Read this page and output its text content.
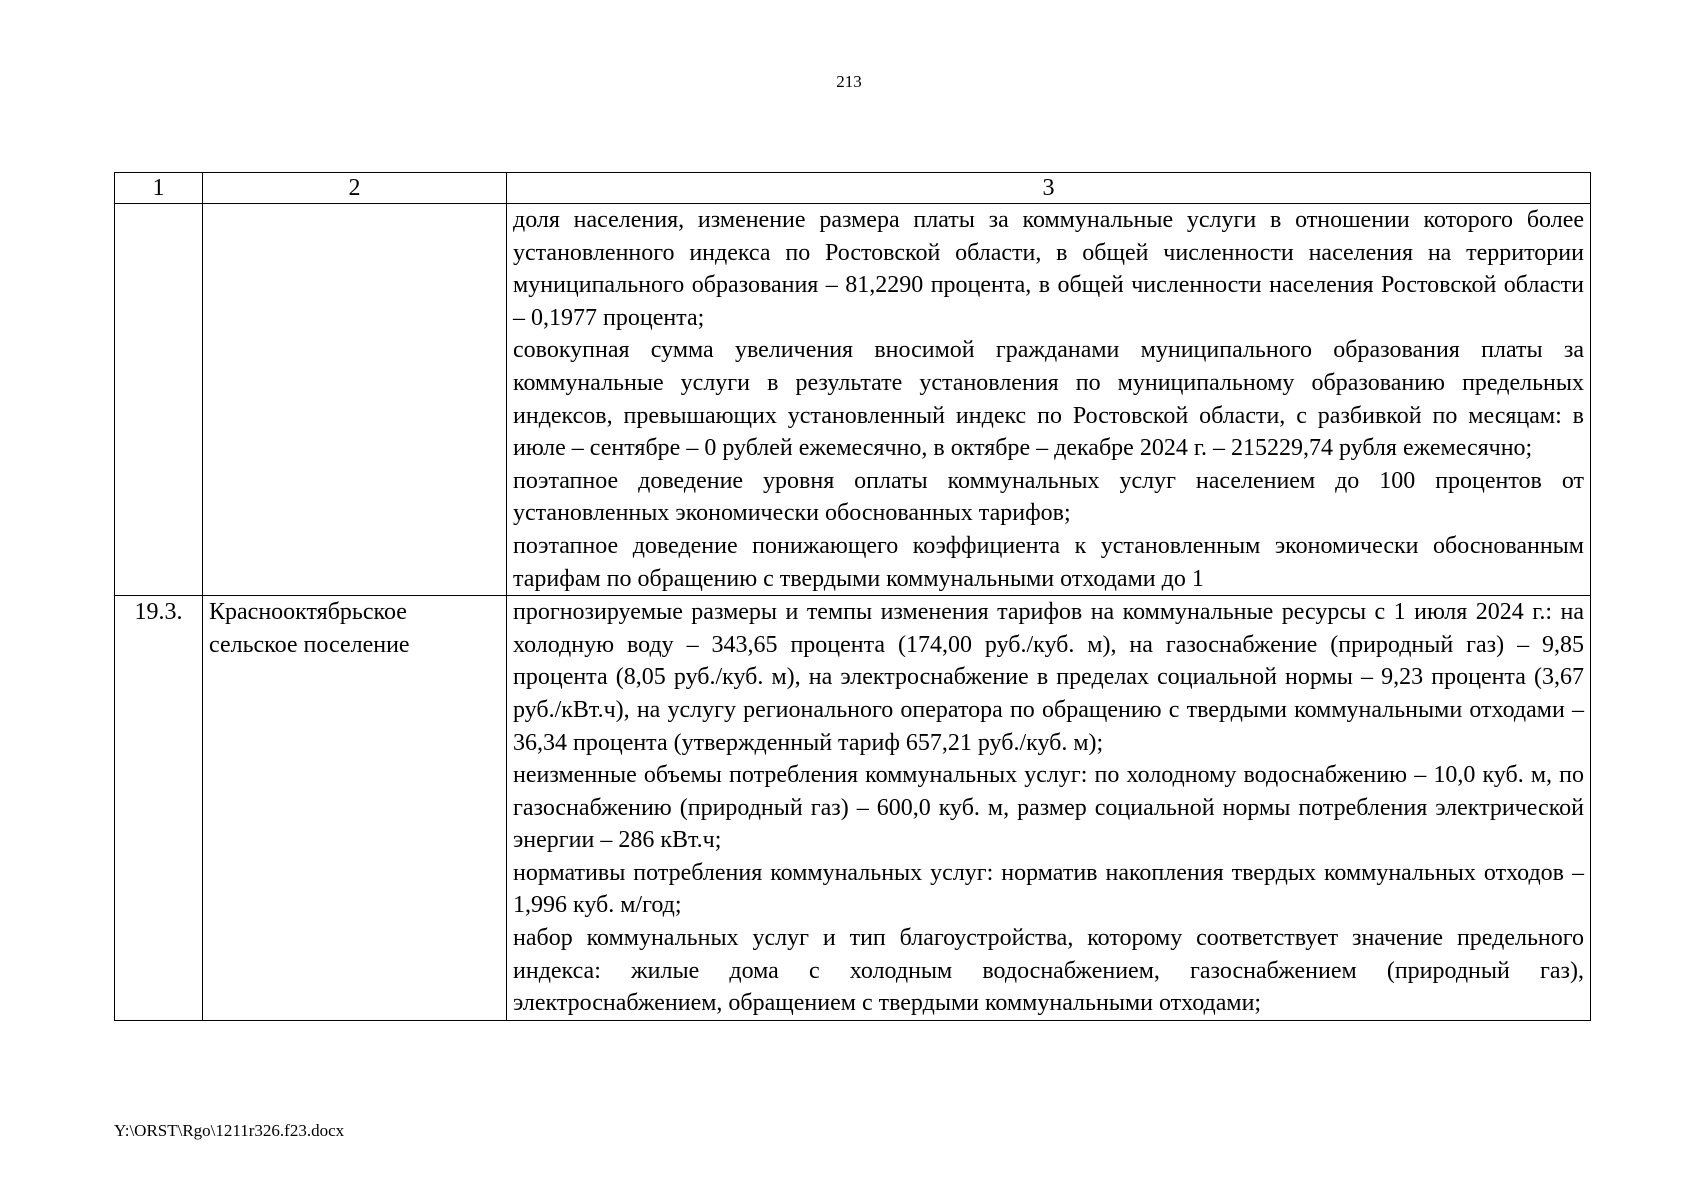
213
1	2	3

		доля населения, изменение размера платы за коммунальные услуги в отношении которого более установленного индекса по Ростовской области, в общей численности населения на территории муниципального образования – 81,2290 процента, в общей численности населения Ростовской области – 0,1977 процента;

совокупная сумма увеличения вносимой гражданами муниципального образования платы за коммунальные услуги в результате установления по муниципальному образованию предельных индексов, превышающих установленный индекс по Ростовской области, с разбивкой по месяцам: в июле – сентябре – 0 рублей ежемесячно, в октябре – декабре 2024 г. – 215229,74 рубля ежемесячно;

поэтапное доведение уровня оплаты коммунальных услуг населением до 100 процентов от установленных экономически обоснованных тарифов;

поэтапное доведение понижающего коэффициента к установленным экономически обоснованным тарифам по обращению с твердыми коммунальными отходами до 1

19.3.	Краснооктябрьское сельское поселение	прогнозируемые размеры и темпы изменения тарифов на коммунальные ресурсы с 1 июля 2024 г.: на холодную воду – 343,65 процента (174,00 руб./куб. м), на газоснабжение (природный газ) – 9,85 процента (8,05 руб./куб. м), на электроснабжение в пределах социальной нормы – 9,23 процента (3,67 руб./кВт.ч), на услугу регионального оператора по обращению с твердыми коммунальными отходами – 36,34 процента (утвержденный тариф 657,21 руб./куб. м);

неизменные объемы потребления коммунальных услуг: по холодному водоснабжению – 10,0 куб. м, по газоснабжению (природный газ) – 600,0 куб. м, размер социальной нормы потребления электрической энергии – 286 кВт.ч;

нормативы потребления коммунальных услуг: норматив накопления твердых коммунальных отходов – 1,996 куб. м/год;

набор коммунальных услуг и тип благоустройства, которому соответствует значение предельного индекса: жилые дома с холодным водоснабжением, газоснабжением (природный газ), электроснабжением, обращением с твердыми коммунальными отходами;

Y:\ORST\Rgo\1211r326.f23.docx
